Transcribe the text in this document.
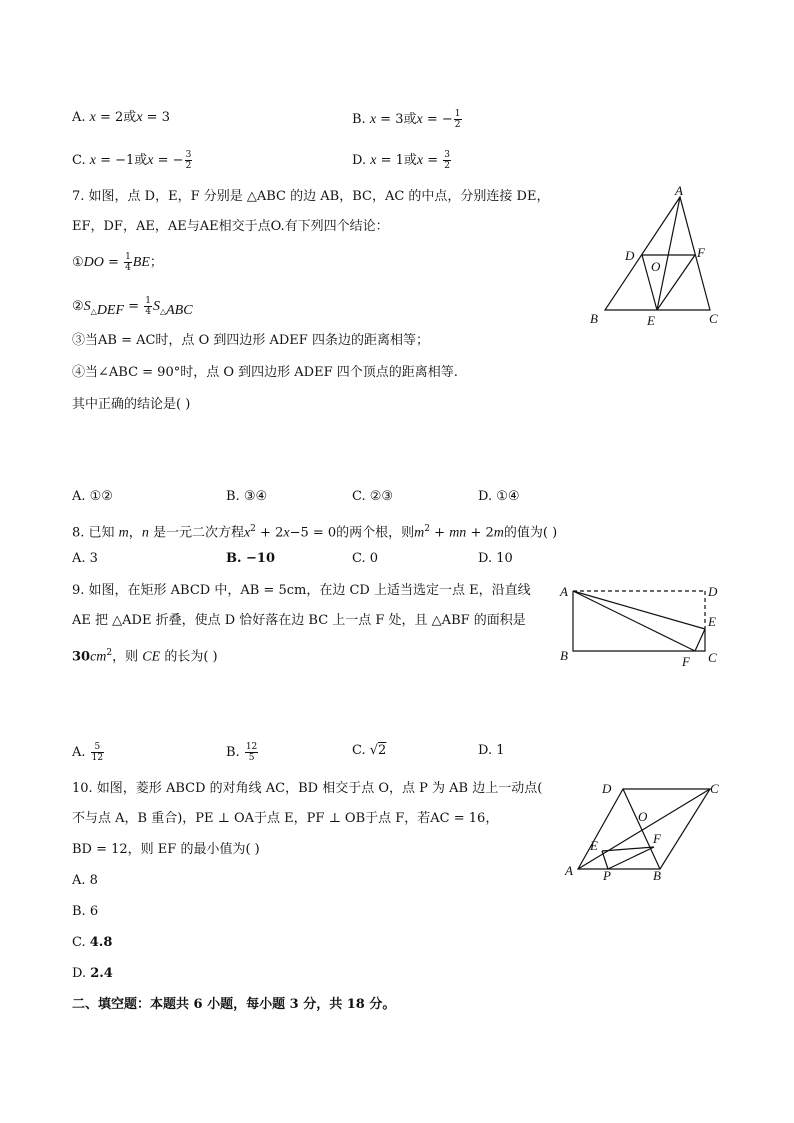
A. x = 2或x = 3	B. x = 3或x = − $\frac{1}{2}$
C. x = −1或x = − $\frac{3}{2}$	D. x = 1或$x = \frac{3}{2}$
7. 如图，点 D，E，F 分别是 △ABC 的边 AB，BC，AC 的中点，分别连接 DE，
EF，DF，AE，AE与AE相交于点O.有下列四个结论：
①DO = $\frac{1}{4}$ BE；
$②S_{\triangle DEF} = \frac{1}{4} S_{\triangle ABC}$
③当AB = AC时，点 O 到四边形 ADEF 四条边的距离相等；
④当∠ABC = 90°时，点 O 到四边形 ADEF 四个顶点的距离相等.
其中正确的结论是( )
A
D	F
O
B	E	C
A. ①②	B. ③④	C. ②③	D. ①④
8. 已知 m，n 是一元二次方程$x^2 + 2x-5 = 0$的两个根，则$m^2$ + mn + 2m的值为( )
A. 3	B. −10	C. 0	D. 10
9. 如图，在矩形 ABCD 中，AB = 5cm，在边 CD 上适当选定一点 E，沿直线
AE 把 △ADE 折叠，使点 D 恰好落在边 BC 上一点 F 处，且 △ABF 的面积是
$30cm^2$，则 CE 的长为( )
A	D
E
B	F C
A. $\frac{5}{12}$	B. $\frac{12}{5}$	C. √2	D. 1
10. 如图，菱形 ABCD 的对角线 AC，BD 相交于点 O，点 P 为 AB 边上一动点(
不与点 A，B 重合)，PE ⊥ OA于点 E，PF ⊥ OB于点 F，若AC = 16，
BD = 12，则 EF 的最小值为( )
D	C
O
E	F
A P	B
A. 8
B. 6
C. 4.8
D. 2.4
二、填空题：本题共 6 小题，每小题 3 分，共 18 分。
